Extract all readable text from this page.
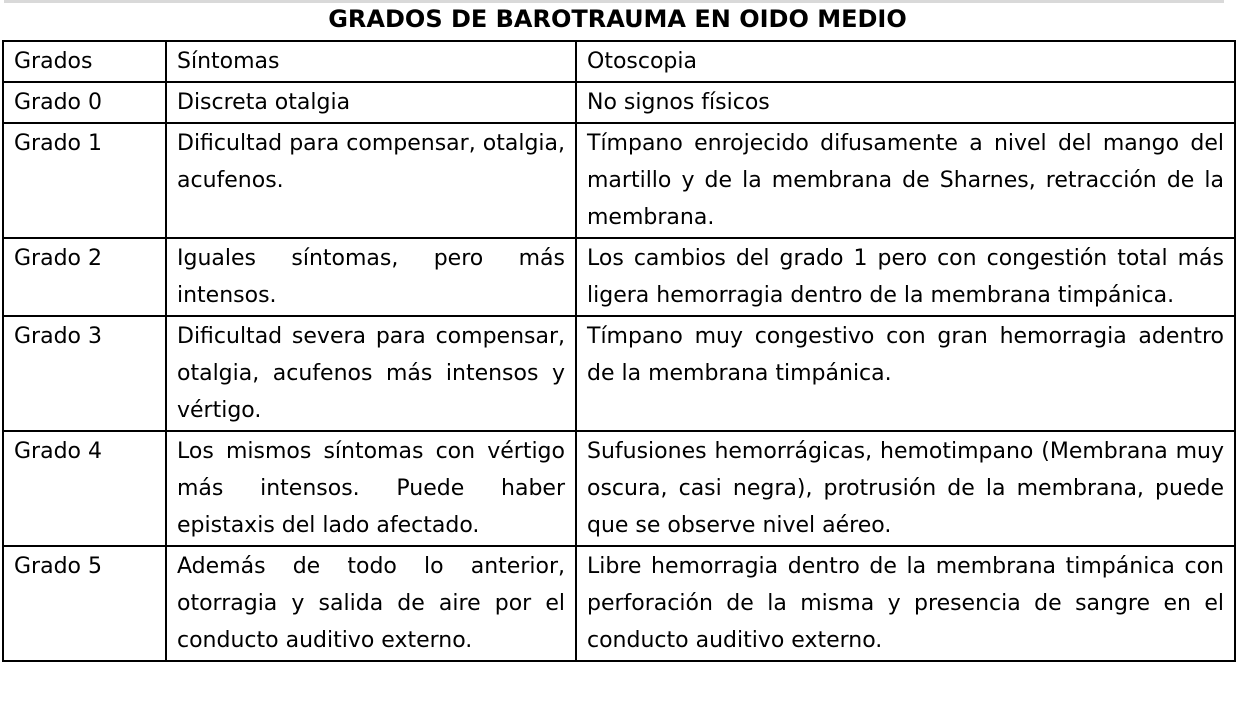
GRADOS DE BAROTRAUMA EN OIDO MEDIO
Grados	Síntomas	Otoscopia
Grado 0	Discreta otalgia	No signos físicos
Grado 1	Dificultad para compensar, otalgia, acufenos.	Tímpano enrojecido difusamente a nivel del mango del martillo y de la membrana de Sharnes, retracción de la membrana.
Grado 2	Iguales síntomas, pero más intensos.	Los cambios del grado 1 pero con congestión total más ligera hemorragia dentro de la membrana timpánica.
Grado 3	Dificultad severa para compensar, otalgia, acufenos más intensos y vértigo.	Tímpano muy congestivo con gran hemorragia adentro de la membrana timpánica.
Grado 4	Los mismos síntomas con vértigo más intensos. Puede haber epistaxis del lado afectado.	Sufusiones hemorrágicas, hemotimpano (Membrana muy oscura, casi negra), protrusión de la membrana, puede que se observe nivel aéreo.
Grado 5	Además de todo lo anterior, otorragia y salida de aire por el conducto auditivo externo.	Libre hemorragia dentro de la membrana timpánica con perforación de la misma y presencia de sangre en el conducto auditivo externo.
